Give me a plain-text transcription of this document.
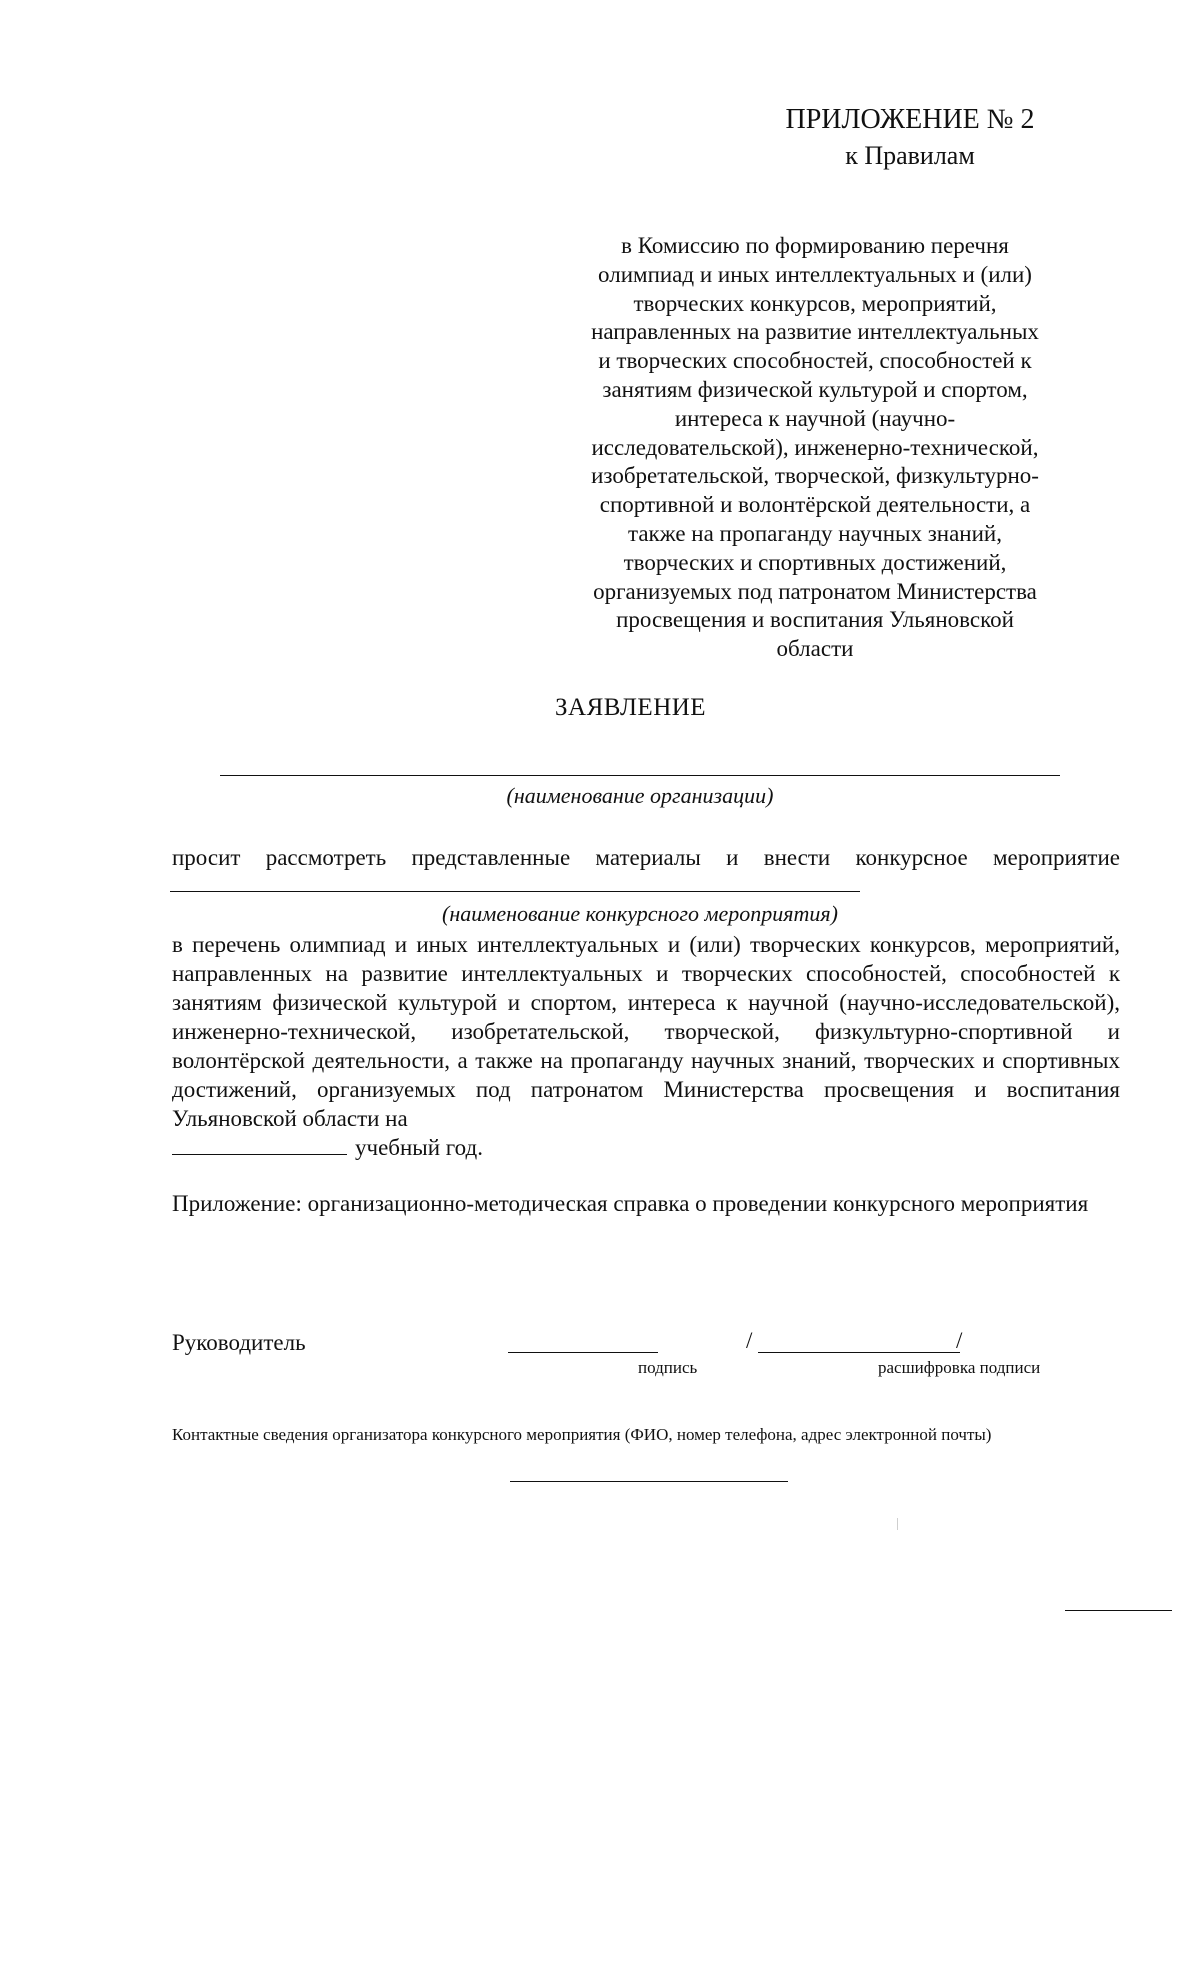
ПРИЛОЖЕНИЕ № 2
к Правилам
в Комиссию по формированию перечня
олимпиад и иных интеллектуальных и (или)
творческих конкурсов, мероприятий,
направленных на развитие интеллектуальных
и творческих способностей, способностей к
занятиям физической культурой и спортом,
интереса к научной (научно-
исследовательской), инженерно-технической,
изобретательской, творческой, физкультурно-
спортивной и волонтёрской деятельности, а
также на пропаганду научных знаний,
творческих и спортивных достижений,
организуемых под патронатом Министерства
просвещения и воспитания Ульяновской
области
ЗАЯВЛЕНИЕ
(наименование организации)
просит рассмотреть представленные материалы и внести конкурсное мероприятие
(наименование конкурсного мероприятия)
в перечень олимпиад и иных интеллектуальных и (или) творческих конкурсов, мероприятий, направленных на развитие интеллектуальных и творческих способностей, способностей к занятиям физической культурой и спортом, интереса к научной (научно-исследовательской), инженерно-технической, изобретательской, творческой, физкультурно-спортивной и волонтёрской деятельности, а также на пропаганду научных знаний, творческих и спортивных достижений, организуемых под патронатом Министерства просвещения и воспитания Ульяновской области на
учебный год.
Приложение: организационно-методическая справка о проведении конкурсного мероприятия
Руководитель
подпись
/	/
расшифровка подписи
Контактные сведения организатора конкурсного мероприятия (ФИО, номер телефона, адрес электронной почты)
